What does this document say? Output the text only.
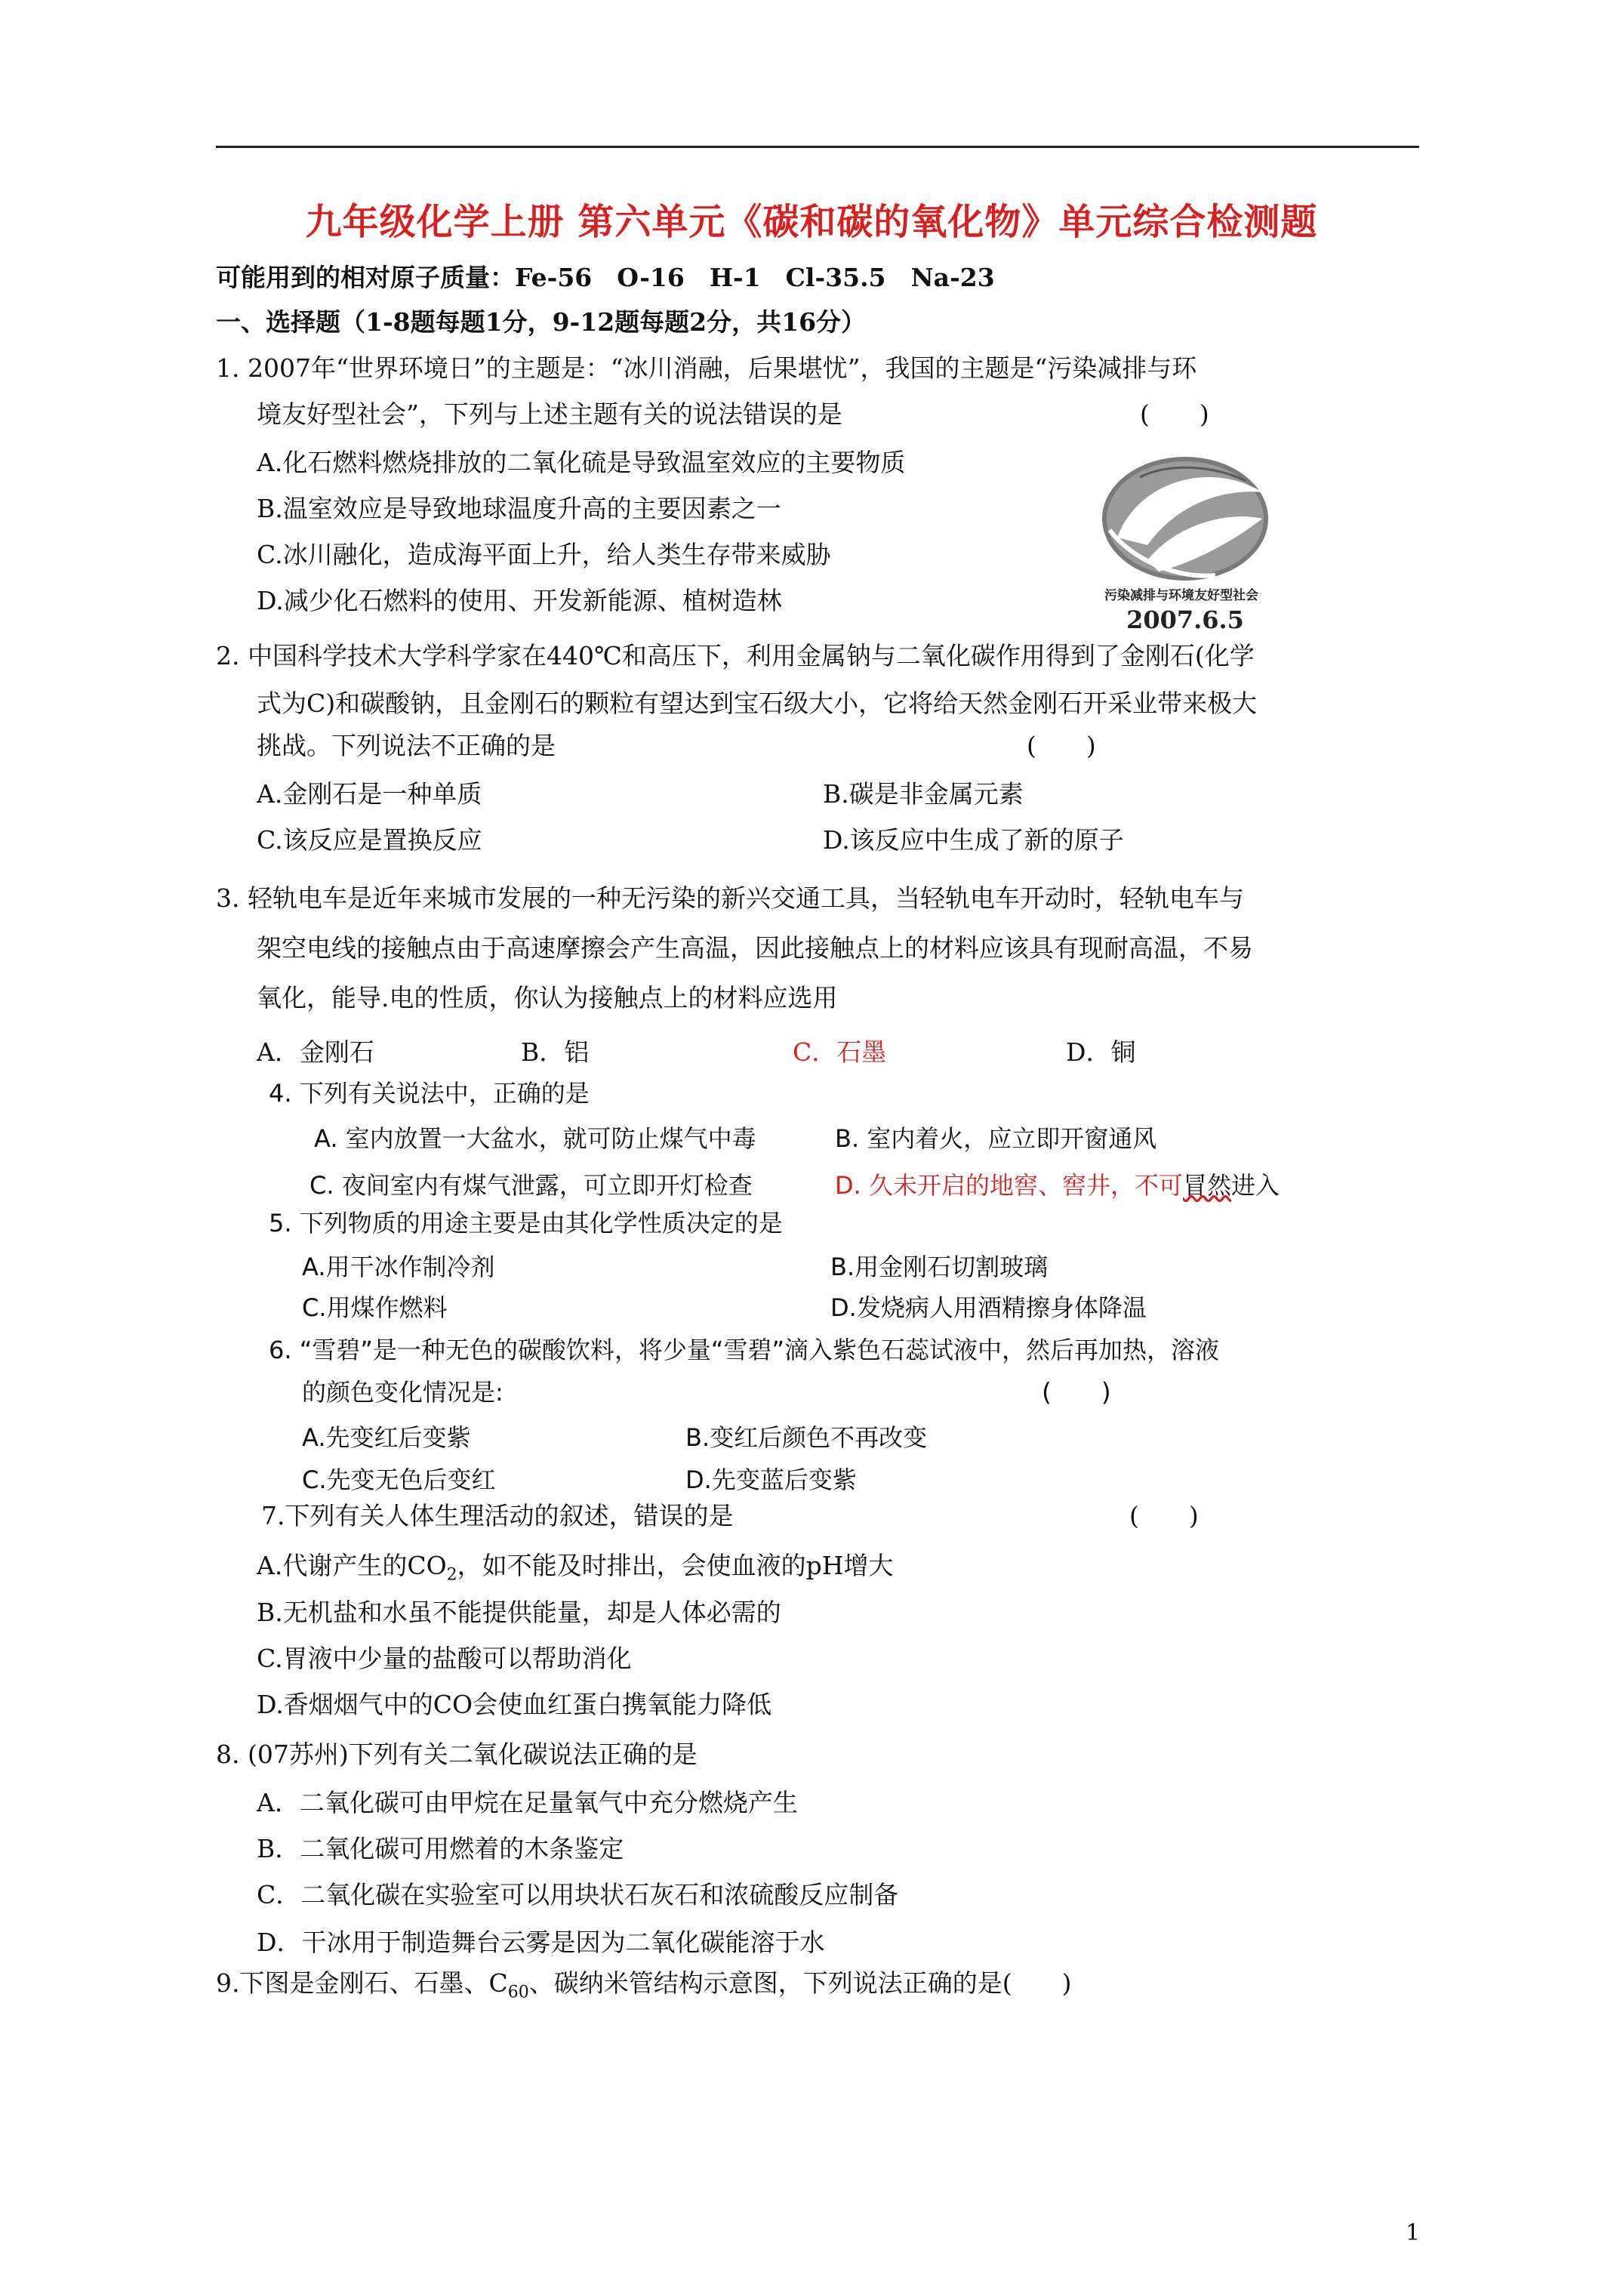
九年级化学上册 第六单元《碳和碳的氧化物》单元综合检测题
可能用到的相对原子质量：Fe-56　O-16　H-1　Cl-35.5　Na-23
一、选择题（1-8题每题1分，9-12题每题2分，共16分）
1. 2007年“世界环境日”的主题是：“冰川消融，后果堪忧”，我国的主题是“污染减排与环
境友好型社会”，下列与上述主题有关的说法错误的是	(　　)
A.化石燃料燃烧排放的二氧化硫是导致温室效应的主要物质
B.温室效应是导致地球温度升高的主要因素之一
C.冰川融化，造成海平面上升，给人类生存带来威胁
D.减少化石燃料的使用、开发新能源、植树造林	污染减排与环境友好型社会
2007.6.5
2. 中国科学技术大学科学家在440℃和高压下，利用金属钠与二氧化碳作用得到了金刚石(化学
式为C)和碳酸钠，且金刚石的颗粒有望达到宝石级大小，它将给天然金刚石开采业带来极大
挑战。下列说法不正确的是	(　　)
A.金刚石是一种单质	B.碳是非金属元素
C.该反应是置换反应	D.该反应中生成了新的原子
3. 轻轨电车是近年来城市发展的一种无污染的新兴交通工具，当轻轨电车开动时，轻轨电车与
架空电线的接触点由于高速摩擦会产生高温，因此接触点上的材料应该具有现耐高温，不易
氧化，能导.电的性质，你认为接触点上的材料应选用
A．金刚石	B．铝	C．石墨	D．铜
4. 下列有关说法中，正确的是
A. 室内放置一大盆水，就可防止煤气中毒	B. 室内着火，应立即开窗通风
C. 夜间室内有煤气泄露，可立即开灯检查	D. 久未开启的地窖、窖井，不可冒然进入
5. 下列物质的用途主要是由其化学性质决定的是
A.用干冰作制冷剂	B.用金刚石切割玻璃
C.用煤作燃料	D.发烧病人用酒精擦身体降温
6. “雪碧”是一种无色的碳酸饮料，将少量“雪碧”滴入紫色石蕊试液中，然后再加热，溶液
的颜色变化情况是:	(　　)
A.先变红后变紫	B.变红后颜色不再改变
C.先变无色后变红	D.先变蓝后变紫
7.下列有关人体生理活动的叙述，错误的是	(　　)
A.代谢产生的$CO_2$，如不能及时排出，会使血液的pH增大
B.无机盐和水虽不能提供能量，却是人体必需的
C.胃液中少量的盐酸可以帮助消化
D.香烟烟气中的CO会使血红蛋白携氧能力降低
8. (07苏州)下列有关二氧化碳说法正确的是
A．二氧化碳可由甲烷在足量氧气中充分燃烧产生
B．二氧化碳可用燃着的木条鉴定
C．二氧化碳在实验室可以用块状石灰石和浓硫酸反应制备
D．干冰用于制造舞台云雾是因为二氧化碳能溶于水
9.下图是金刚石、石墨、$C_{60}$、碳纳米管结构示意图，下列说法正确的是(　　)
1
